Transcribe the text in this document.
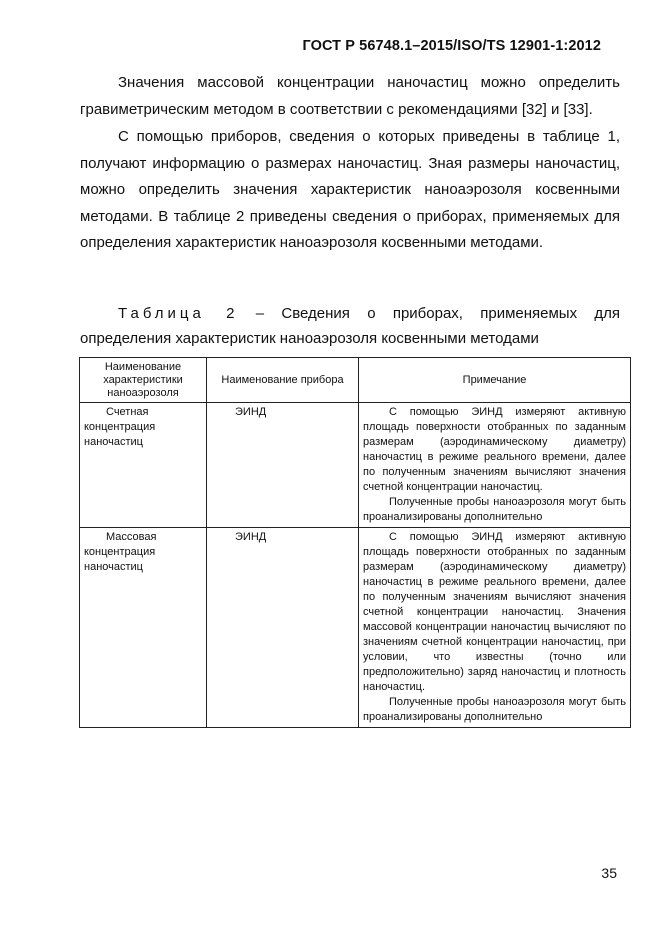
ГОСТ Р 56748.1–2015/ISO/TS 12901-1:2012

Значения массовой концентрации наночастиц можно определить гравиметрическим методом в соответствии с рекомендациями [32] и [33].

С помощью приборов, сведения о которых приведены в таблице 1, получают информацию о размерах наночастиц. Зная размеры наночастиц, можно определить значения характеристик наноаэрозоля косвенными методами. В таблице 2 приведены сведения о приборах, применяемых для определения характеристик наноаэрозоля косвенными методами.

Таблица 2 – Сведения о приборах, применяемых для определения характеристик наноаэрозоля косвенными методами
Наименование характеристики наноаэрозоля	Наименование прибора	Примечание

Счетная концентрация наночастиц	ЭИНД	С помощью ЭИНД измеряют активную площадь поверхности отобранных по заданным размерам (аэродинамическому диаметру) наночастиц в режиме реального времени, далее по полученным значениям вычисляют значения счетной концентрации наночастиц.

Полученные пробы наноаэрозоля могут быть проанализированы дополнительно

Массовая концентрация наночастиц	ЭИНД	С помощью ЭИНД измеряют активную площадь поверхности отобранных по заданным размерам (аэродинамическому диаметру) наночастиц в режиме реального времени, далее по полученным значениям вычисляют значения счетной концентрации наночастиц. Значения массовой концентрации наночастиц вычисляют по значениям счетной концентрации наночастиц, при условии, что известны (точно или предположительно) заряд наночастиц и плотность наночастиц.

Полученные пробы наноаэрозоля могут быть проанализированы дополнительно

35
